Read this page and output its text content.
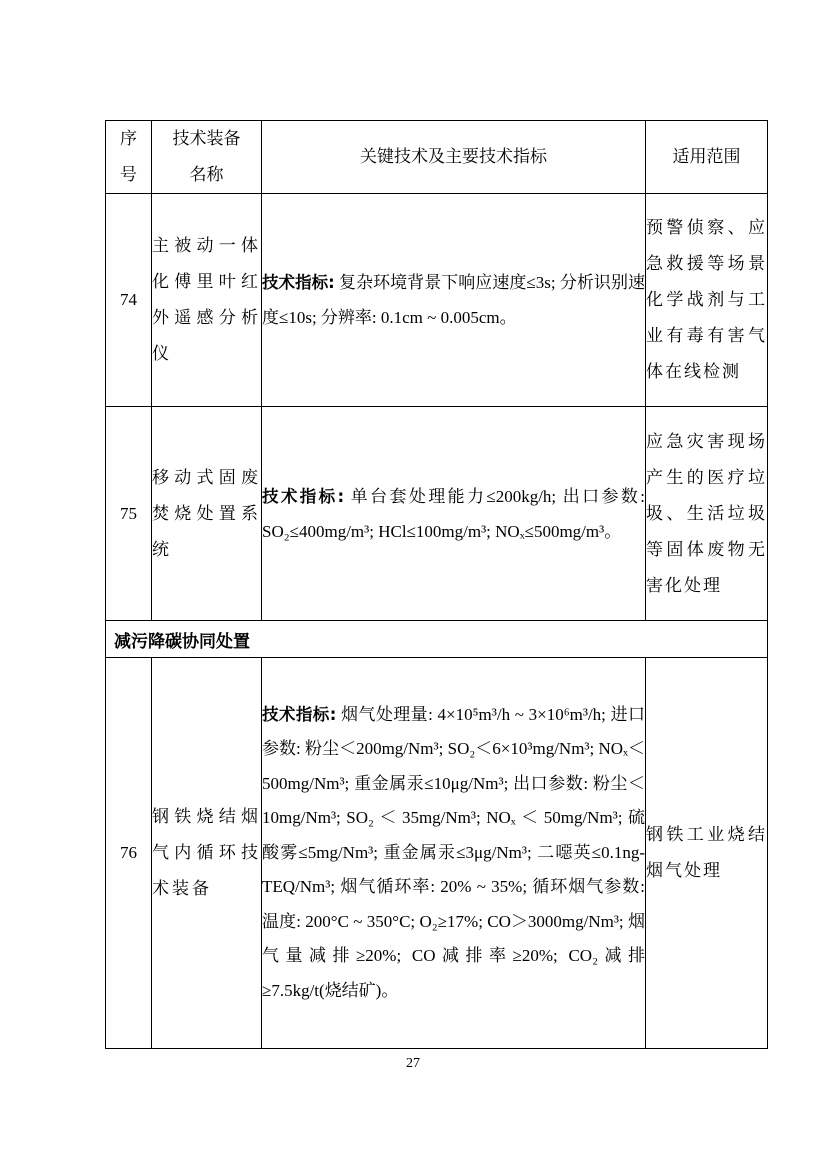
序号	技术装备名称	关键技术及主要技术指标	适用范围
74	主被动一体化傅里叶红外遥感分析仪	技术指标: 复杂环境背景下响应速度≤3s; 分析识别速度≤10s; 分辨率: 0.1cm ~ 0.005cm。	预警侦察、应急救援等场景化学战剂与工业有毒有害气体在线检测
75	移动式固废焚烧处置系统	技术指标: 单台套处理能力≤200kg/h; 出口参数: SO₂≤400mg/m³; HCl≤100mg/m³; NOₓ≤500mg/m³。	应急灾害现场产生的医疗垃圾、生活垃圾等固体废物无害化处理
减污降碳协同处置			
76	钢铁烧结烟气内循环技术装备	技术指标: 烟气处理量: 4×10⁵m³/h ~ 3×10⁶m³/h; 进口参数: 粉尘＜200mg/Nm³; SO₂＜6×10³mg/Nm³; NOₓ＜500mg/Nm³; 重金属汞≤10μg/Nm³; 出口参数: 粉尘＜10mg/Nm³; SO₂ ＜ 35mg/Nm³; NOₓ ＜ 50mg/Nm³; 硫酸雾≤5mg/Nm³; 重金属汞≤3μg/Nm³; 二噁英≤0.1ng-TEQ/Nm³; 烟气循环率: 20% ~ 35%; 循环烟气参数: 温度: 200°C ~ 350°C; O₂≥17%; CO＞3000mg/Nm³; 烟气量减排≥20%; CO减排率≥20%; CO₂减排≥7.5kg/t(烧结矿)。	钢铁工业烧结烟气处理
27
